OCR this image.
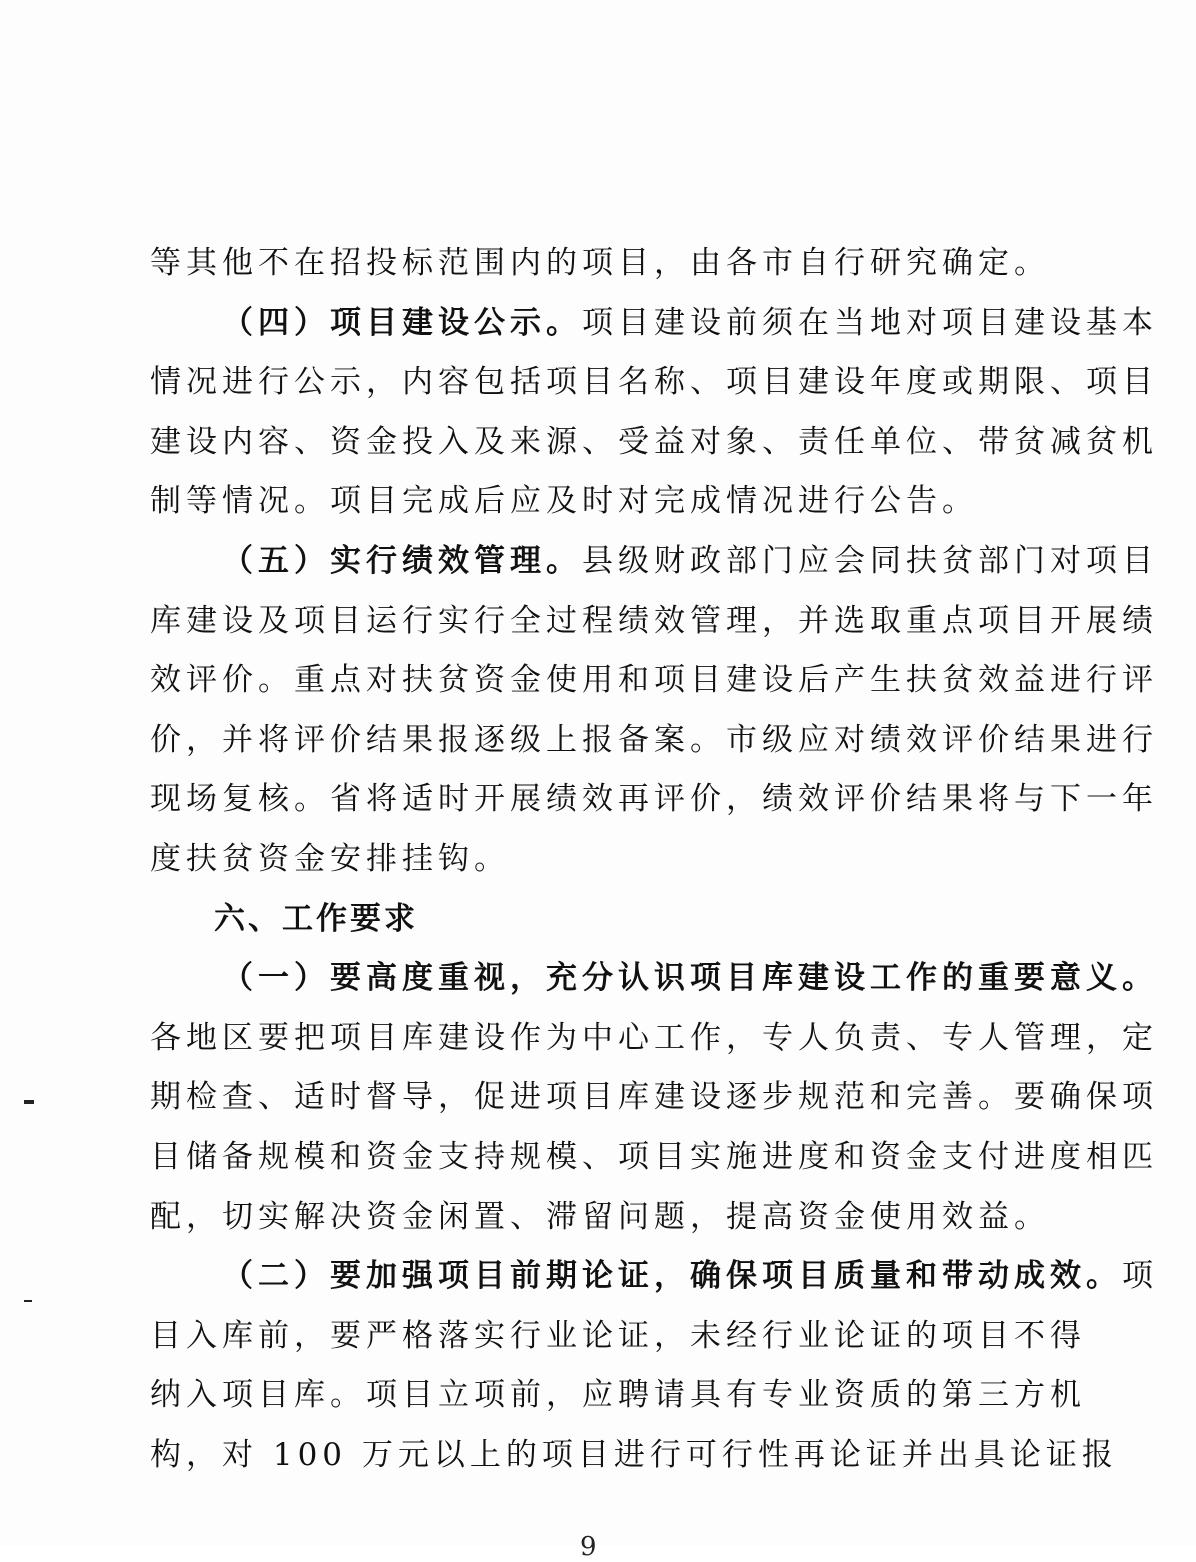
等其他不在招投标范围内的项目，由各市自行研究确定。
（四）项目建设公示。项目建设前须在当地对项目建设基本
情况进行公示，内容包括项目名称、项目建设年度或期限、项目
建设内容、资金投入及来源、受益对象、责任单位、带贫减贫机
制等情况。项目完成后应及时对完成情况进行公告。
（五）实行绩效管理。县级财政部门应会同扶贫部门对项目
库建设及项目运行实行全过程绩效管理，并选取重点项目开展绩
效评价。重点对扶贫资金使用和项目建设后产生扶贫效益进行评
价，并将评价结果报逐级上报备案。市级应对绩效评价结果进行
现场复核。省将适时开展绩效再评价，绩效评价结果将与下一年
度扶贫资金安排挂钩。
六、工作要求
（一）要高度重视，充分认识项目库建设工作的重要意义。
各地区要把项目库建设作为中心工作，专人负责、专人管理，定
期检查、适时督导，促进项目库建设逐步规范和完善。要确保项
目储备规模和资金支持规模、项目实施进度和资金支付进度相匹
配，切实解决资金闲置、滞留问题，提高资金使用效益。
（二）要加强项目前期论证，确保项目质量和带动成效。项
目入库前，要严格落实行业论证，未经行业论证的项目不得
纳入项目库。项目立项前，应聘请具有专业资质的第三方机
构，对 100 万元以上的项目进行可行性再论证并出具论证报
9
